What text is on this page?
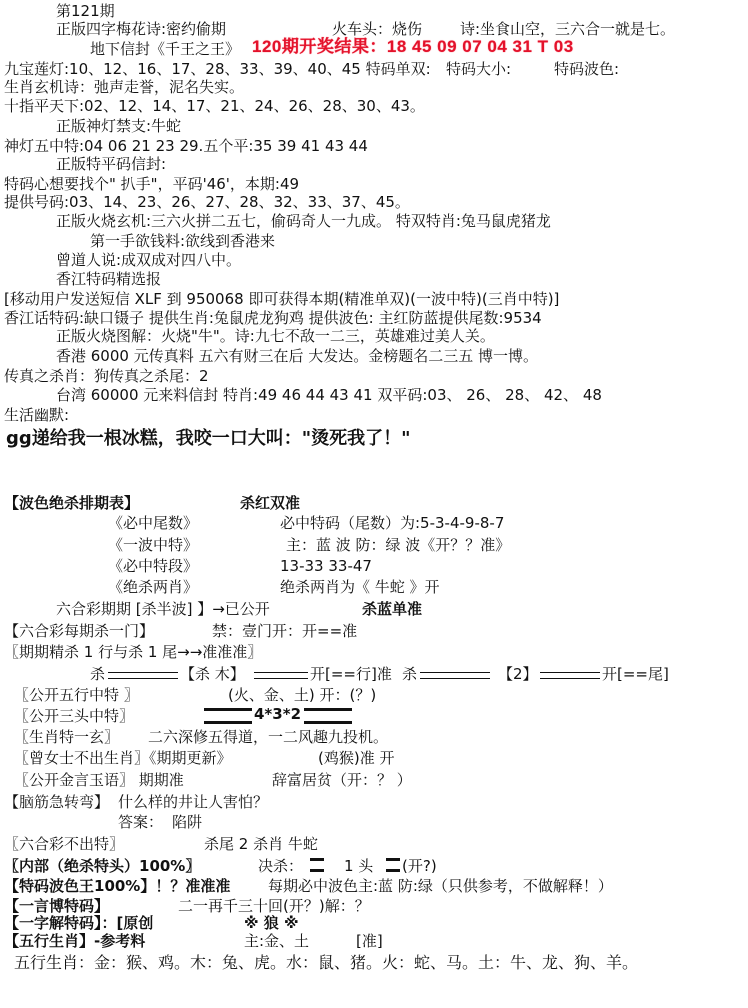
第121期
正版四字梅花诗:密约偷期	火车头：烧伤	诗:坐食山空，三六合一就是七。
地下信封《千王之王》 120期开奖结果：18 45 09 07 04 31 T 03
九宝莲灯:10、12、16、17、28、33、39、40、45 特码单双: 特码大小:	特码波色:
生肖玄机诗：弛声走誉，泥名失实。
十指平天下:02、12、14、17、21、24、26、28、30、43。
正版神灯禁支:牛蛇
神灯五中特:04 06 21 23 29.五个平:35 39 41 43 44
正版特平码信封:
特码心想要找个" 扒手"，平码'46'，本期:49
提供号码:03、14、23、26、27、28、32、33、37、45。
正版火烧玄机:三六火拼二五七，偷码奇人一九成。 特双特肖:兔马鼠虎猪龙
第一手欲钱料:欲线到香港来
曾道人说:成双成对四八中。
香江特码精选报
[移动用户发送短信 XLF 到 950068 即可获得本期(精准单双)(一波中特)(三肖中特)]
香江话特码:缺口镊子 提供生肖:兔鼠虎龙狗鸡 提供波色: 主红防蓝提供尾数:9534
正版火烧图解：火烧"牛"。诗:九七不敌一二三，英雄难过美人关。
香港 6000 元传真料 五六有财三在后 大发达。金榜题名二三五 博一博。
传真之杀肖：狗传真之杀尾：2
台湾 60000 元来料信封 特肖:49 46 44 43 41 双平码:03、 26、 28、 42、 48
生活幽默:
gg递给我一根冰糕，我咬一口大叫："烫死我了！"
【波色绝杀排期表】	杀红双准
《必中尾数》	必中特码（尾数）为:5-3-4-9-8-7
《一波中特》	主：蓝 波 防：绿 波《开？？准》
《必中特段》	13-33 33-47
《绝杀两肖》	绝杀两肖为《 牛蛇 》开
六合彩期期 [杀半波] 】→已公开	杀蓝单准
【六合彩每期杀一门】	禁：壹门开：开==准
〖期期精杀 1 行与杀 1 尾→→准准准〗
杀	【杀 木】	开[==行]准 杀	【2】	开[==尾]
〖公开五行中特 〗	(火、金、土) 开：(？)
〖公开三头中特〗	4*3*2
〖生肖特一玄〗 二六深修五得道，一二风趣九投机。
〖曾女士不出生肖〗《期期更新》	(鸡猴)准 开
〖公开金言玉语〗 期期准	辞富居贫（开：？ ）
【脑筋急转弯】 什么样的井让人害怕？
答案： 陷阱
〖六合彩不出特〗	杀尾 2 杀肖 牛蛇
〖内部（绝杀特头）100%〗	决杀：	1 头 (开?)
【特码波色王100%】！？准准准	每期必中波色主:蓝 防:绿（只供参考，不做解释！）
【一言博特码】	二一再千三十回(开？)解：？
【一字解特码】：[原创	※ 狼 ※
【五行生肖】-参考料	主:金、土	[准]
五行生肖：金：猴、鸡。木：兔、虎。水：鼠、猪。火：蛇、马。土：牛、龙、狗、羊。
